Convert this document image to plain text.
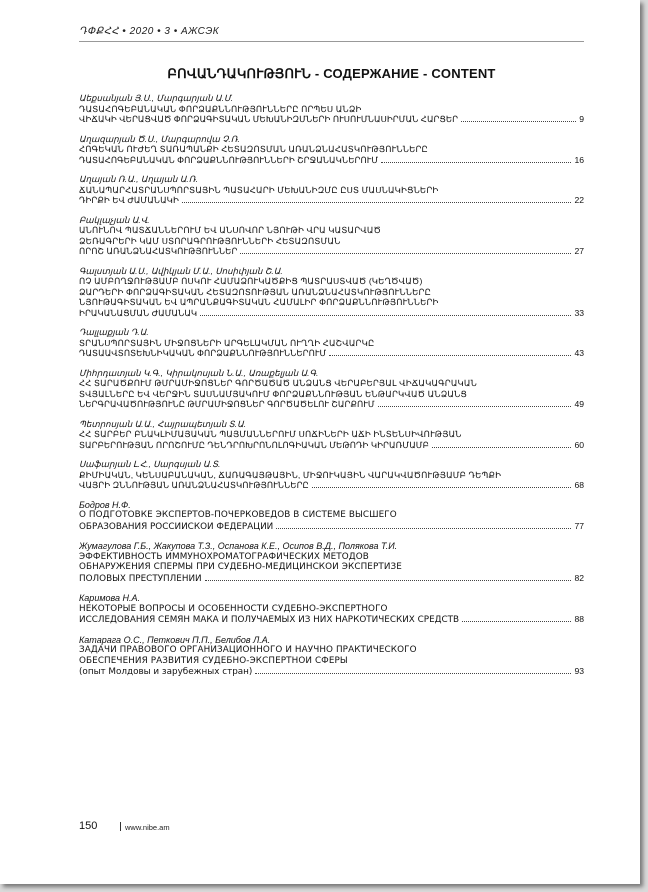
ԴՓՔՀՀ • 2020 • 3 • АЖСЭК
ԲՈՎԱՆԴԱԿՈՒԹՅՈՒՆ - СОДЕРЖАНИЕ - CONTENT
Աեքսանյան Յ.Ս., Մարգարյան Ա.Մ.
ԴԱՏԱՀՈԳԵԲԱՆԱԿԱՆ ՓՈՐՁԱՔՆՆՈՒԹՅՈՒՆՆԵՐԸ ՈՐՊԵՍ ԱՆՁԻ
ՎԻՃԱԿԻ ՎԵՐԱՑՎԱԾ ՓՈՐՁԱԳԻՏԱԿԱՆ ՄԵԽԱՆԻԶՄՆԵՐԻ ՈՒՍՈՒՄՆԱՍԻՐՄԱՆ ՀԱՐՑԵՐ	9
Աղազարյան Ծ.Ս., Մարգարովա Չ.Ռ.
ՀՈԳԵԿԱՆ ՈՒԺԵՂ ՏԱՌԱՊԱՆՔԻ ՀԵՏԱԶՈՏՄԱՆ ԱՌԱՆՁՆԱՀԱՏԿՈՒԹՅՈՒՆՆԵՐԸ
ԴԱՏԱՀՈԳԵԲԱՆԱԿԱՆ ՓՈՐՁԱՔՆՆՈՒԹՅՈՒՆՆԵՐԻ ՇՐՋԱՆԱԿՆԵՐՈՒՄ	16
Աղայան Ռ.Ա., Աղայան Ա.Ռ.
ՃԱՆԱՊԱՐՀԱՏՐԱՆՍՊՈՐՏԱՅԻՆ ՊԱՏԱՀԱՐԻ ՄԵԽԱՆԻԶՄԸ ԸՍՏ ՄԱՍՆԱԿԻՑՆԵՐԻ
ԴԻՐՔԻ ԵՎ ԺԱՄԱՆԱԿԻ	22
Բակլաչյան Ա.Վ.
ԱՆՈՒՆՈՎ ՊԱՏՃԱՆՆԵՐՈՒՄ ԵՎ ԱՆՍՈՎՈՐ ՆՅՈՒԹԻ ՎՐԱ ԿԱՏԱՐՎԱԾ
ՁԵՌԱԳՐԵՐԻ ԿԱՄ ՍՏՈՐԱԳՐՈՒԹՅՈՒՆՆԵՐԻ ՀԵՏԱԶՈՏՄԱՆ
ՈՐՈՇ ԱՌԱՆՁՆԱՀԱՏԿՈՒԹՅՈՒՆՆԵՐ	27
Գալստյան Ա.Ս., Ավիկյան Մ.Ա., Սոսիփյան Շ.Ա.
ՈՉ ԱՄԲՈՂՋՈՒԹՅԱՄԲ ՈՍԿՈՒ ՀԱՄԱՁՈՒԿԱԾՔԻՑ ՊԱՏՐԱՍՏՎԱԾ (ԿԵՂԾՎԱԾ)
ՁԱՐԴԵՐԻ ՓՈՐՁԱԳԻՏԱԿԱՆ ՀԵՏԱԶՈՏՈՒԹՅԱՆ ԱՌԱՆՁՆԱՀԱՏԿՈՒԹՅՈՒՆՆԵՐԸ
ՆՅՈՒԹԱԳԻՏԱԿԱՆ ԵՎ ԱՊՐԱՆՔԱԳԻՏԱԿԱՆ ՀԱՄԱԼԻՐ ՓՈՐՁԱՔՆՆՈՒԹՅՈՒՆՆԵՐԻ
ԻՐԱԿԱՆԱՑՄԱՆ ԺԱՄԱՆԱԿ	33
Դալլաքյան Դ.Ա.
ՏՐԱՆՍՊՈՐՏԱՅԻՆ ՄԻՋՈՑՆԵՐԻ ԱՐԳԵԼԱԿՄԱՆ ՈՒՂՂԻ ՀԱՇՎԱՐԿԸ
ԴԱՏԱԱՎՏՈՏԵԽՆԻԿԱԿԱՆ ՓՈՐՁԱՔՆՆՈՒԹՅՈՒՆՆԵՐՈՒՄ	43
Միհրդատյան Կ.Գ., Կիրակոսյան Ն.Ա., Առաքելյան Ա.Գ.
ՀՀ ՏԱՐԱԾՔՈՒՄ ԹՄՐԱՄԻՋՈՑՆԵՐ ԳՈՐԾԱԾԱԾ ԱՆՁԱՆՑ ՎԵՐԱԲԵՐՅԱԼ ՎԻՃԱԿԱԳՐԱԿԱՆ
ՏՎՅԱԼՆԵՐԸ ԵՎ ՎԵՐՋԻՆ ՏԱՍՆԱՄՅԱԿՈՒՄ ՓՈՐՁԱՔՆՆՈՒԹՅԱՆ ԵՆԹԱՐԿՎԱԾ ԱՆՁԱՆՑ
ՆԵՐԳՐԱՎԱԾՈՒԹՅՈՒՆԸ ԹՄՐԱՄԻՋՈՑՆԵՐ ԳՈՐԾԱԾԵԼՈՒ ՇԱՐՔՈՒՄ	49
Պետրոսյան Ա.Ա., Հայրապետյան Տ.Ա.
ՀՀ ՏԱՐԲԵՐ ԲՆԱԿԼԻՄԱՅԱԿԱՆ ՊԱՅՄԱՆՆԵՐՈՒՄ ՍՈՃԻՆԵՐԻ ԱՃԻ ԻՆՏԵՆՍԻՎՈՒԹՅԱՆ
ՏԱՐԲԵՐՈՒԹՅԱՆ ՈՐՈՇՈՒՄԸ ԴԵՆԴՐՈԽՐՈՆՈԼՈԳԻԱԿԱՆ ՄԵԹՈԴԻ ԿԻՐԱՌՄԱՄԲ	60
Սաֆարյան Լ.Հ., Սարգսյան Ա.Տ.
ՔԻՄԻԱԿԱՆ, ԿԵՆՍԱԲԱՆԱԿԱՆ, ՃԱՌԱԳԱՅԹԱՅԻՆ, ՄԻՋՈՒԿԱՅԻՆ ՎԱՐԱԿՎԱԾՈՒԹՅԱՄԲ ԴԵՊՔԻ
ՎԱՅՐԻ ԶՆՆՈՒԹՅԱՆ ԱՌԱՆՁՆԱՀԱՏԿՈՒԹՅՈՒՆՆԵՐԸ	68
Бодров Н.Ф.
О ПОДГОТОВКЕ ЭКСПЕРТОВ-ПОЧЕРКОВЕДОВ В СИСТЕМЕ ВЫСШЕГО
ОБРАЗОВАНИЯ РОССИЙСКОЙ ФЕДЕРАЦИИ	77
Жумагулова Г.Б., Жакупова Т.З., Оспанова К.Е., Осипов В.Д., Полякова Т.И.
ЭФФЕКТИВНОСТЬ ИММУНОХРОМАТОГРАФИЧЕСКИХ МЕТОДОВ
ОБНАРУЖЕНИЯ СПЕРМЫ ПРИ СУДЕБНО-МЕДИЦИНСКОЙ ЭКСПЕРТИЗЕ
ПОЛОВЫХ ПРЕСТУПЛЕНИЙ	82
Каримова Н.А.
НЕКОТОРЫЕ ВОПРОСЫ И ОСОБЕННОСТИ СУДЕБНО-ЭКСПЕРТНОГО
ИССЛЕДОВАНИЯ СЕМЯН МАКА И ПОЛУЧАЕМЫХ ИЗ НИХ НАРКОТИЧЕСКИХ СРЕДСТВ	88
Катарага О.С., Петкович П.П., Белибов Л.А.
ЗАДАЧИ ПРАВОВОГО ОРГАНИЗАЦИОННОГО И НАУЧНО ПРАКТИЧЕСКОГО
ОБЕСПЕЧЕНИЯ РАЗВИТИЯ СУДЕБНО-ЭКСПЕРТНОЙ СФЕРЫ
(опыт Молдовы и зарубежных стран)	93
150	www.nibe.am
